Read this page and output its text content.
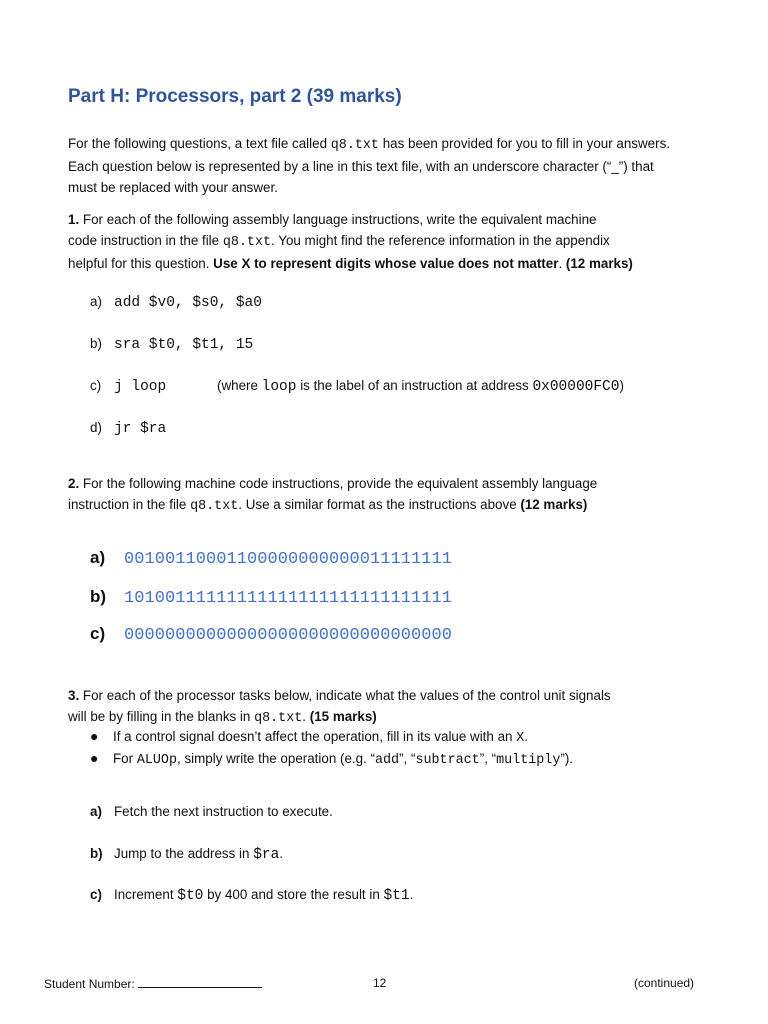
Part H: Processors, part 2 (39 marks)
For the following questions, a text file called q8.txt has been provided for you to fill in your answers.
Each question below is represented by a line in this text file, with an underscore character (“_”) that
must be replaced with your answer.
1. For each of the following assembly language instructions, write the equivalent machine
code instruction in the file q8.txt. You might find the reference information in the appendix
helpful for this question. Use X to represent digits whose value does not matter. (12 marks)
a) add $v0, $s0, $a0
b) sra $t0, $t1, 15
c) j loop	(where loop is the label of an instruction at address 0x00000FC0)
d) jr $ra
2. For the following machine code instructions, provide the equivalent assembly language
instruction in the file q8.txt. Use a similar format as the instructions above (12 marks)
a) 00100110001100000000000011111111
b) 10100111111111111111111111111111
c) 00000000000000000000000000000000
3. For each of the processor tasks below, indicate what the values of the control unit signals
will be by filling in the blanks in q8.txt. (15 marks)
● If a control signal doesn’t affect the operation, fill in its value with an X.
● For ALUOp, simply write the operation (e.g. “add”, “subtract”, “multiply”).
a) Fetch the next instruction to execute.
b) Jump to the address in $ra.
c) Increment $t0 by 400 and store the result in $t1.
Student Number:	12	(continued)
